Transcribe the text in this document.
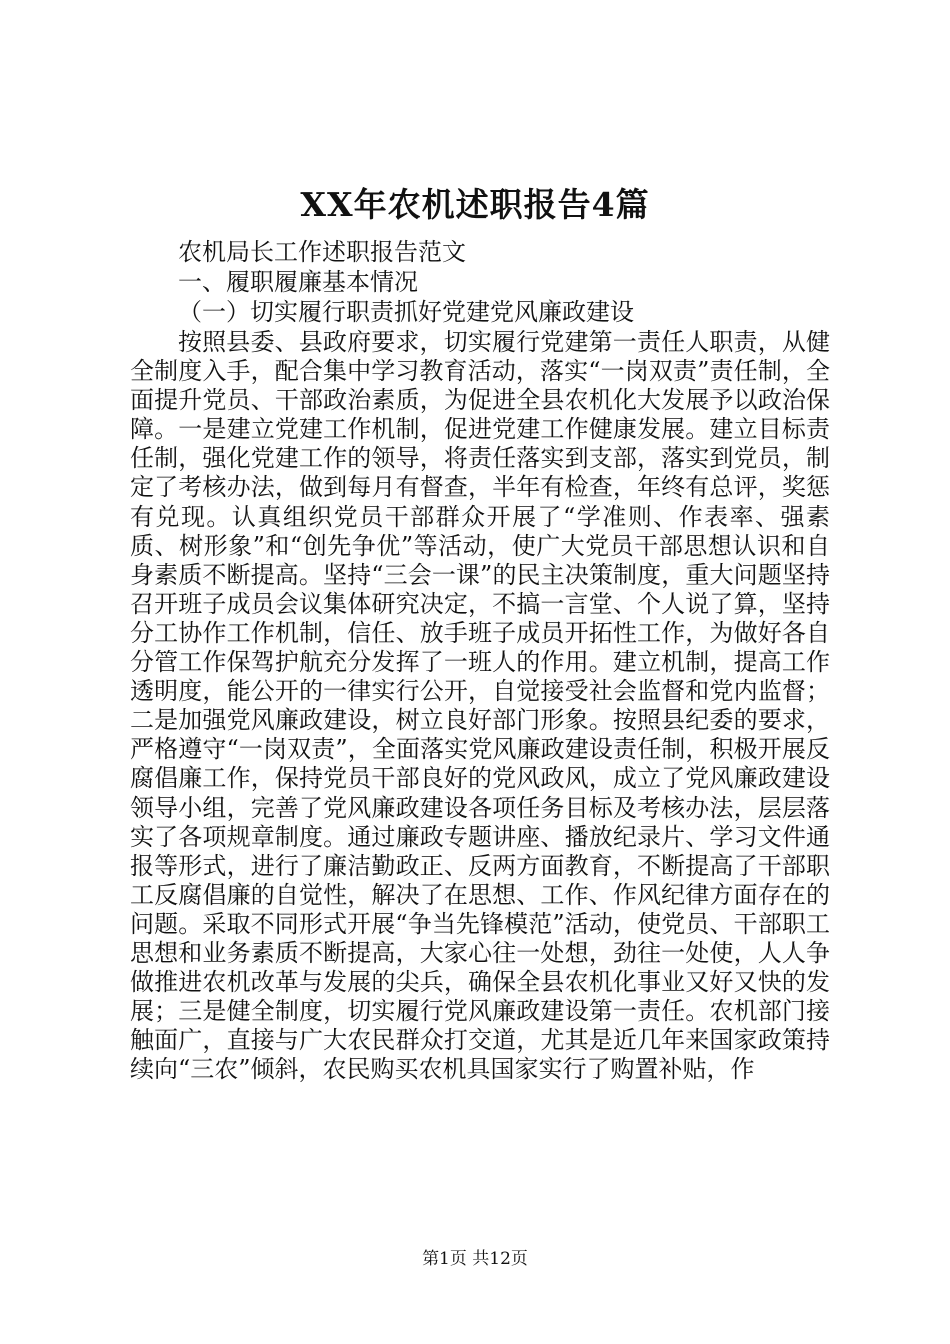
XX年农机述职报告4篇
农机局长工作述职报告范文
一、履职履廉基本情况
（一）切实履行职责抓好党建党风廉政建设

按照县委、县政府要求，切实履行党建第一责任人职责，从健全制度入手，配合集中学习教育活动，落实“一岗双责”责任制，全面提升党员、干部政治素质，为促进全县农机化大发展予以政治保障。一是建立党建工作机制，促进党建工作健康发展。建立目标责任制，强化党建工作的领导，将责任落实到支部，落实到党员，制定了考核办法，做到每月有督查，半年有检查，年终有总评，奖惩有兑现。认真组织党员干部群众开展了“学准则、作表率、强素质、树形象”和“创先争优”等活动，使广大党员干部思想认识和自身素质不断提高。坚持“三会一课”的民主决策制度，重大问题坚持召开班子成员会议集体研究决定，不搞一言堂、个人说了算，坚持分工协作工作机制，信任、放手班子成员开拓性工作，为做好各自分管工作保驾护航充分发挥了一班人的作用。建立机制，提高工作透明度，能公开的一律实行公开，自觉接受社会监督和党内监督；二是加强党风廉政建设，树立良好部门形象。按照县纪委的要求，严格遵守“一岗双责”，全面落实党风廉政建设责任制，积极开展反腐倡廉工作，保持党员干部良好的党风政风，成立了党风廉政建设领导小组，完善了党风廉政建设各项任务目标及考核办法，层层落实了各项规章制度。通过廉政专题讲座、播放纪录片、学习文件通报等形式，进行了廉洁勤政正、反两方面教育，不断提高了干部职工反腐倡廉的自觉性，解决了在思想、工作、作风纪律方面存在的问题。采取不同形式开展“争当先锋模范”活动，使党员、干部职工思想和业务素质不断提高，大家心往一处想，劲往一处使，人人争做推进农机改革与发展的尖兵，确保全县农机化事业又好又快的发展；三是健全制度，切实履行党风廉政建设第一责任。农机部门接触面广，直接与广大农民群众打交道，尤其是近几年来国家政策持续向“三农”倾斜，农民购买农机具国家实行了购置补贴，作

第1页 共12页
